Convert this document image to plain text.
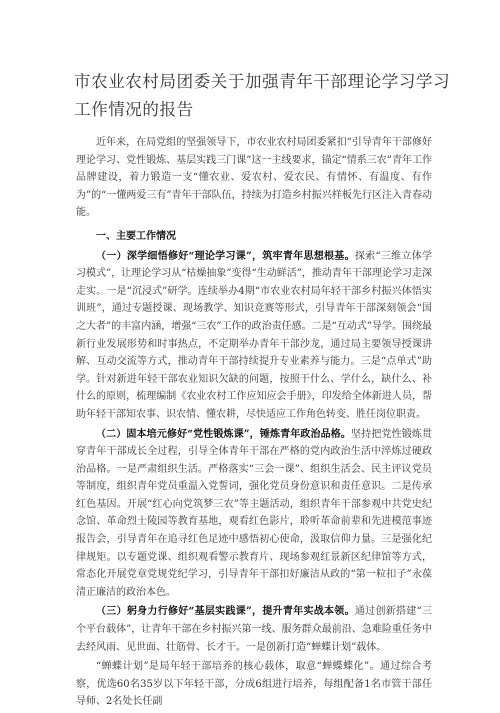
市农业农村局团委关于加强青年干部理论学习学习
工作情况的报告

近年来，在局党组的坚强领导下，市农业农村局团委紧扣“引导青年干部修好理论学习、党性锻炼、基层实践三门课”这一主线要求，锚定“情系三农”青年工作品牌建设，着力锻造一支“懂农业、爱农村、爱农民、有情怀、有温度、有作为”的“一懂两爱三有”青年干部队伍，持续为打造乡村振兴样板先行区注入青春动能。

一、主要工作情况

（一）深学细悟修好“理论学习课”，筑牢青年思想根基。探索“三维立体学习模式”，让理论学习从“枯燥抽象”变得“生动鲜活”，推动青年干部理论学习走深走实。一是“沉浸式”研学。连续举办4期“市农业农村局年轻干部乡村振兴体悟实训班”，通过专题授课、现场教学、知识竞赛等形式，引导青年干部深刻领会“国之大者”的丰富内涵，增强“三农”工作的政治责任感。二是“互动式”导学。围绕最新行业发展形势和时事热点，不定期举办青年干部沙龙，通过局主要领导授课讲解、互动交流等方式，推动青年干部持续提升专业素养与能力。三是“点单式”助学。针对新进年轻干部农业知识欠缺的问题，按照干什么、学什么，缺什么、补什么的原则，梳理编制《农业农村工作应知应会手册》，印发给全体新进人员，帮助年轻干部知农事、识农情、懂农耕，尽快适应工作角色转变、胜任岗位职责。

（二）固本培元修好“党性锻炼课”，锤炼青年政治品格。坚持把党性锻炼贯穿青年干部成长全过程，引导全体青年干部在严格的党内政治生活中淬炼过硬政治品格。一是严肃组织生活。严格落实“三会一课”、组织生活会、民主评议党员等制度，组织青年党员重温入党誓词，强化党员身份意识和责任意识。二是传承红色基因。开展“红心向党筑梦三农”等主题活动，组织青年干部参观中共党史纪念馆、革命烈士陵园等教育基地，观看红色影片，聆听革命前辈和先进模范事迹报告会，引导青年在追寻红色足迹中感悟初心使命，汲取信仰力量。三是强化纪律规矩。以专题党课、组织观看警示教育片、现场参观红景新区纪律馆等方式，常态化开展党章党规党纪学习，引导青年干部扣好廉洁从政的“第一粒扣子”永葆清正廉洁的政治本色。

（三）躬身力行修好“基层实践课”，提升青年实战本领。通过创新搭建“三个平台载体”，让青年干部在乡村振兴第一线、服务群众最前沿、急难险重任务中去经风雨、见世面、壮筋骨、长才干。一是创新打造“蝉蝶计划”载体。

“蝉蝶计划”是局年轻干部培养的核心载体，取意“蝉蝶蝶化”。通过综合考察，优选60名35岁以下年轻干部，分成6组进行培养，每组配备1名市管干部任导师、2名处长任副
